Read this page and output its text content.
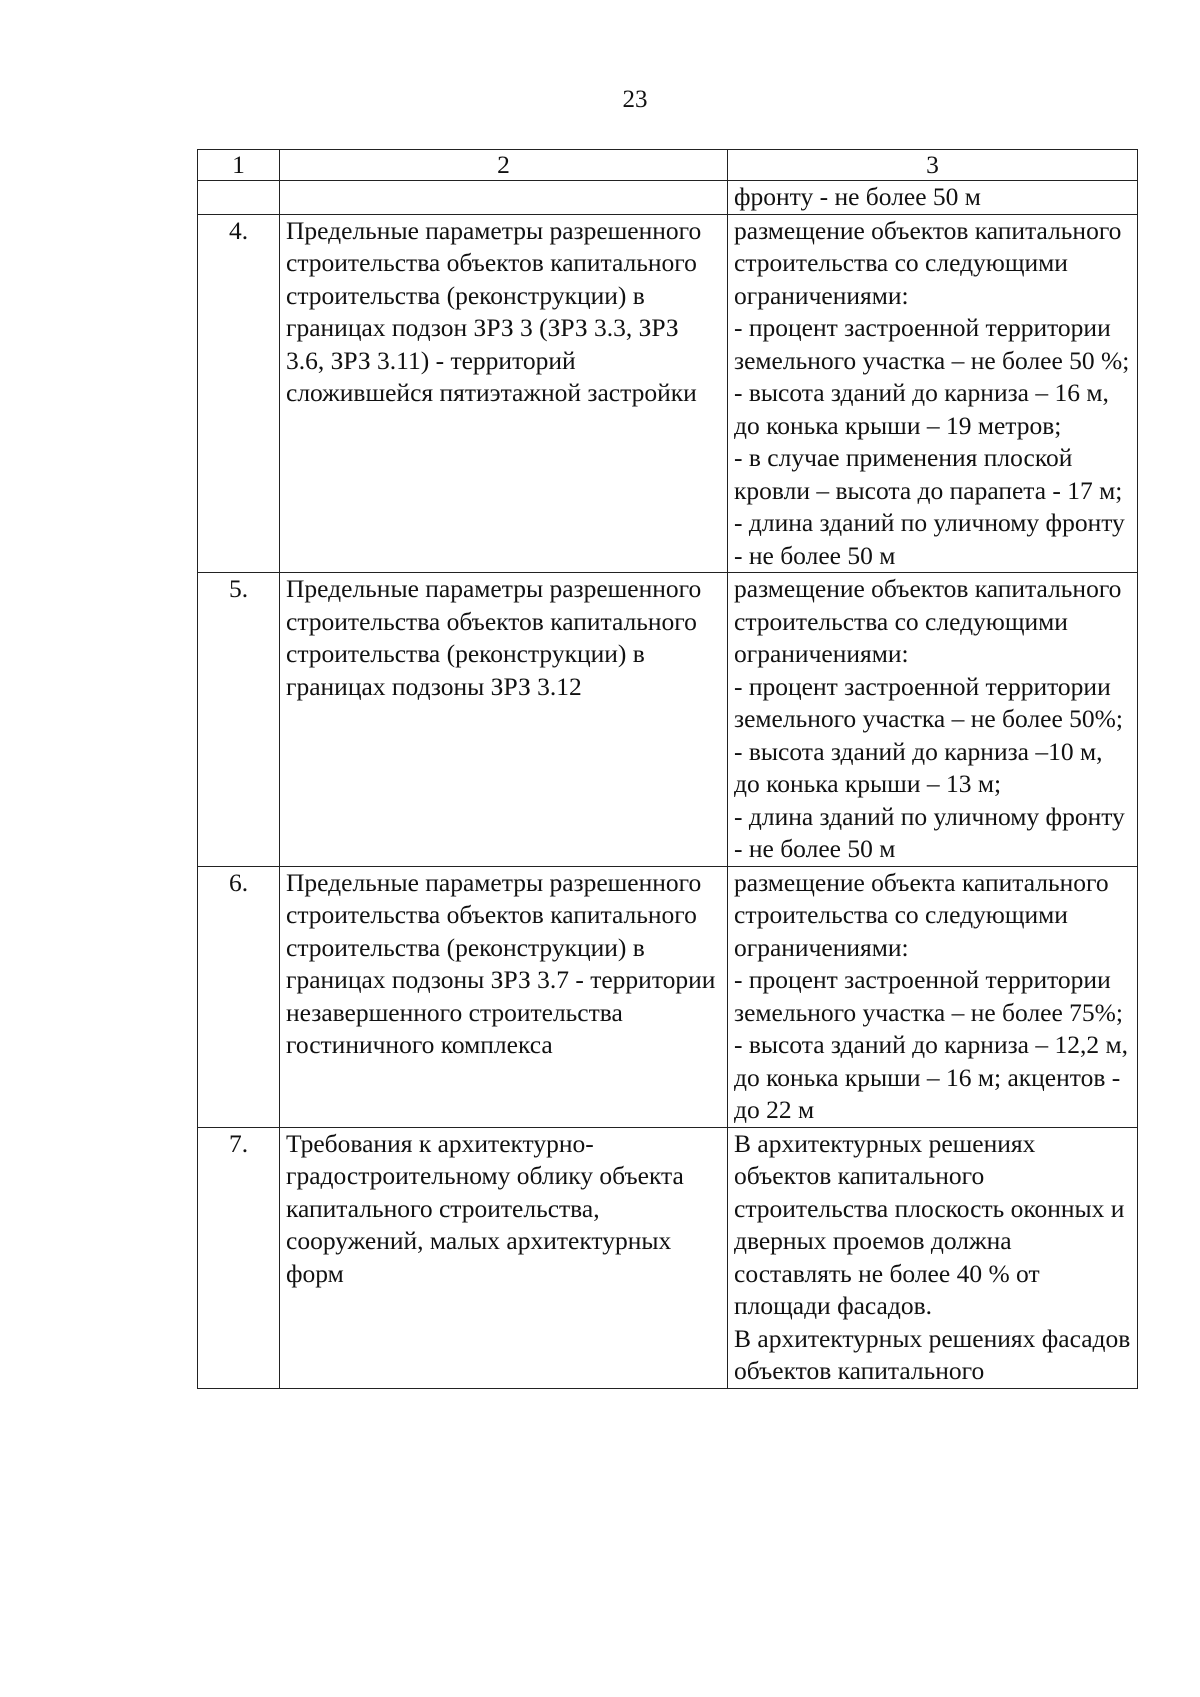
23
1	2	3

		фронту - не более 50 м

4.	Предельные параметры разрешенного строительства объектов капитального строительства (реконструкции) в границах подзон ЗРЗ 3 (ЗРЗ 3.3, ЗРЗ 3.6, ЗРЗ 3.11) - территорий сложившейся пятиэтажной застройки	размещение объектов капитального строительства со следующими ограничениями:
- процент застроенной территории земельного участка – не более 50 %;
- высота зданий до карниза – 16 м, до конька крыши – 19 метров;
- в случае применения плоской кровли – высота до парапета - 17 м;
- длина зданий по уличному фронту - не более 50 м

5.	Предельные параметры разрешенного строительства объектов капитального строительства (реконструкции) в границах подзоны ЗРЗ 3.12	размещение объектов капитального строительства со следующими ограничениями:
- процент застроенной территории земельного участка – не более 50%;
- высота зданий до карниза –10 м, до конька крыши – 13 м;
- длина зданий по уличному фронту - не более 50 м

6.	Предельные параметры разрешенного строительства объектов капитального строительства (реконструкции) в границах подзоны ЗРЗ 3.7 - территории незавершенного строительства гостиничного комплекса	размещение объекта капитального строительства со следующими ограничениями:
- процент застроенной территории земельного участка – не более 75%;
- высота зданий до карниза – 12,2 м, до конька крыши – 16 м; акцентов - до 22 м

7.	Требования к архитектурно-градостроительному облику объекта капитального строительства, сооружений, малых архитектурных форм	В архитектурных решениях объектов капитального строительства плоскость оконных и дверных проемов должна составлять не более 40 % от площади фасадов.
В архитектурных решениях фасадов объектов капитального
